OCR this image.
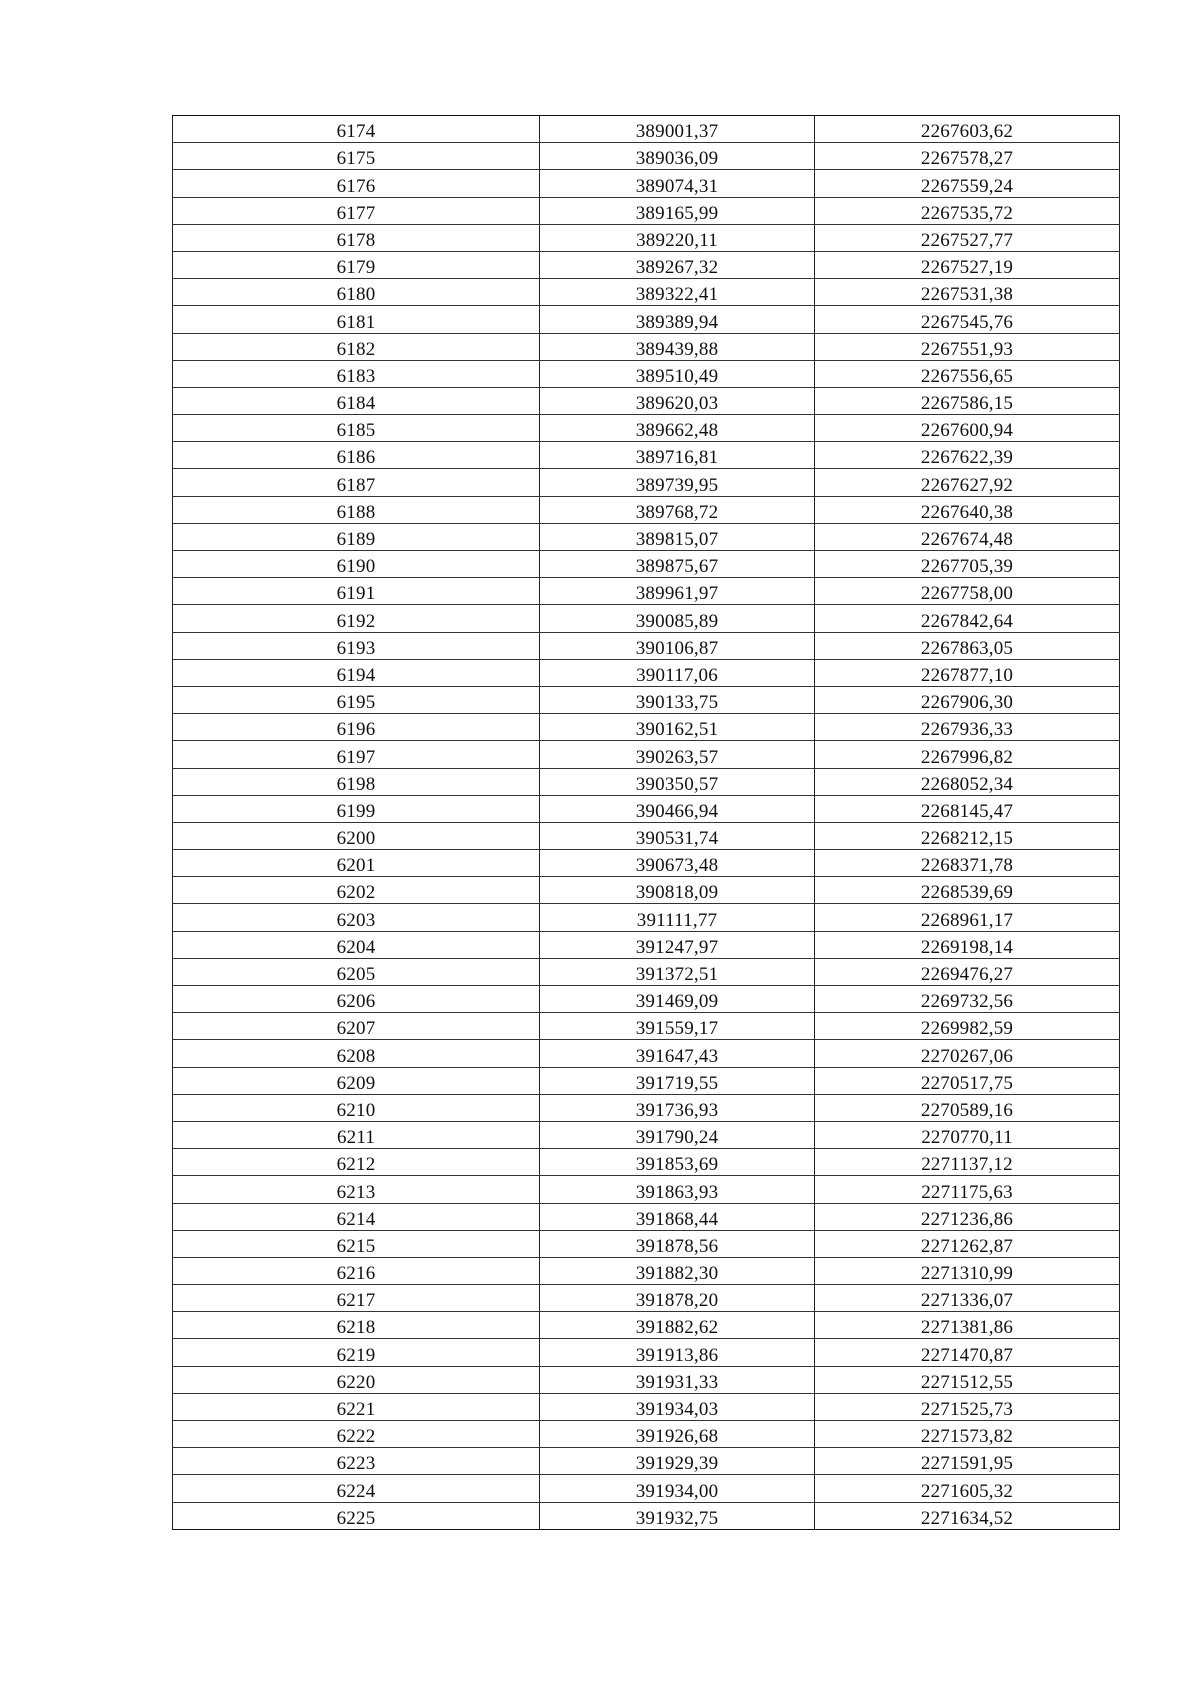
6174	389001,37	2267603,62
6175	389036,09	2267578,27
6176	389074,31	2267559,24
6177	389165,99	2267535,72
6178	389220,11	2267527,77
6179	389267,32	2267527,19
6180	389322,41	2267531,38
6181	389389,94	2267545,76
6182	389439,88	2267551,93
6183	389510,49	2267556,65
6184	389620,03	2267586,15
6185	389662,48	2267600,94
6186	389716,81	2267622,39
6187	389739,95	2267627,92
6188	389768,72	2267640,38
6189	389815,07	2267674,48
6190	389875,67	2267705,39
6191	389961,97	2267758,00
6192	390085,89	2267842,64
6193	390106,87	2267863,05
6194	390117,06	2267877,10
6195	390133,75	2267906,30
6196	390162,51	2267936,33
6197	390263,57	2267996,82
6198	390350,57	2268052,34
6199	390466,94	2268145,47
6200	390531,74	2268212,15
6201	390673,48	2268371,78
6202	390818,09	2268539,69
6203	391111,77	2268961,17
6204	391247,97	2269198,14
6205	391372,51	2269476,27
6206	391469,09	2269732,56
6207	391559,17	2269982,59
6208	391647,43	2270267,06
6209	391719,55	2270517,75
6210	391736,93	2270589,16
6211	391790,24	2270770,11
6212	391853,69	2271137,12
6213	391863,93	2271175,63
6214	391868,44	2271236,86
6215	391878,56	2271262,87
6216	391882,30	2271310,99
6217	391878,20	2271336,07
6218	391882,62	2271381,86
6219	391913,86	2271470,87
6220	391931,33	2271512,55
6221	391934,03	2271525,73
6222	391926,68	2271573,82
6223	391929,39	2271591,95
6224	391934,00	2271605,32
6225	391932,75	2271634,52
